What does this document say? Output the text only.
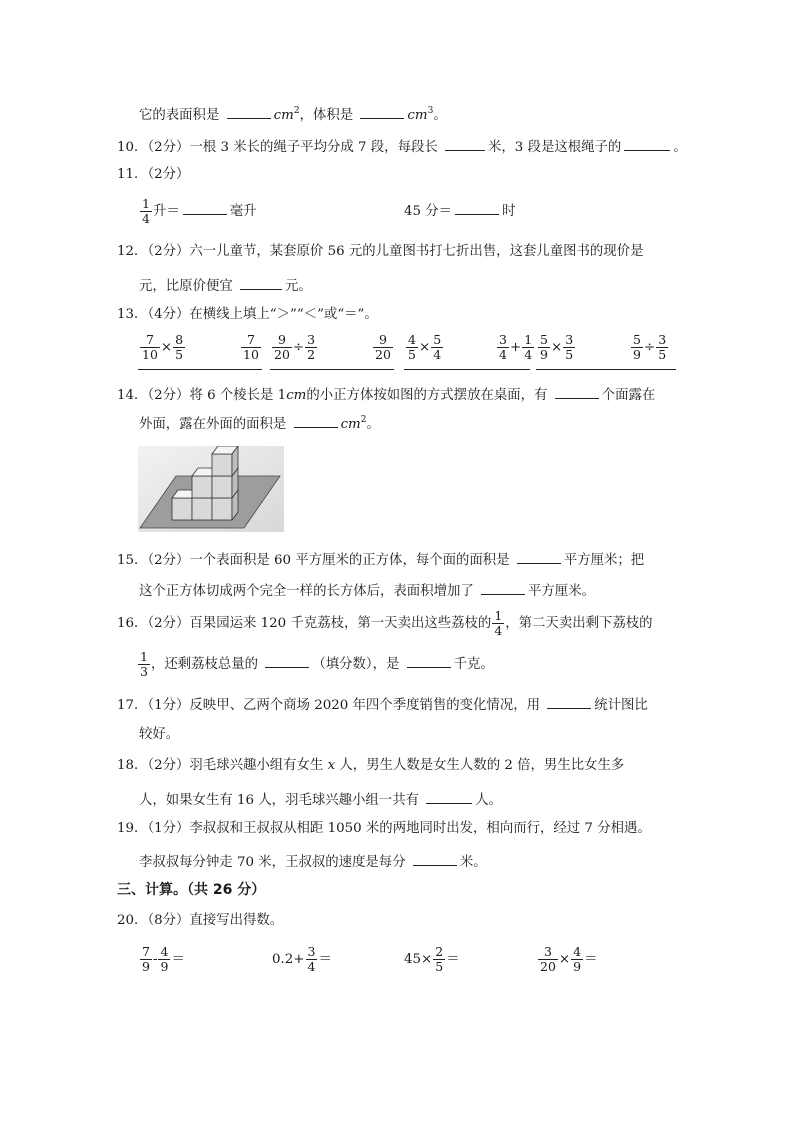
它的表面积是	$cm^2$，体积是	$cm^3$。
10．（2分）一根 3 米长的绳子平均分成 7 段，每段长	米，3 段是这根绳子的	。
11．（2分）
$\frac{1}{4}$ 升＝	毫升	45 分＝	时
12．（2分）六一儿童节，某套原价 56 元的儿童图书打七折出售，这套儿童图书的现价是
元，比原价便宜	元。
13．（4分）在横线上填上“＞”“＜”或“＝”。
$\frac{7}{10} \times \frac{8}{5}$	$\frac{7}{10} \frac{9}{20} \div \frac{3}{2}$	$\frac{9}{20} \frac{4}{5} \times \frac{5}{4}$	$\frac{3}{4} + \frac{1}{4} \frac{5}{9} \times \frac{3}{5}$	$\frac{5}{9} \div \frac{3}{5}$
14．（2分）将 6 个棱长是 1cm的小正方体按如图的方式摆放在桌面，有	个面露在
外面，露在外面的面积是	$cm^2$。
15．（2分）一个表面积是 60 平方厘米的正方体，每个面的面积是	平方厘米；把
这个正方体切成两个完全一样的长方体后，表面积增加了	平方厘米。
16．（2分）百果园运来 120 千克荔枝，第一天卖出这些荔枝的 $\frac{1}{4}$ ，第二天卖出剩下荔枝的
$\frac{1}{3}$ ，还剩荔枝总量的	（填分数），是	千克。
17．（1分）反映甲、乙两个商场 2020 年四个季度销售的变化情况，用	统计图比
较好。
18．（2分）羽毛球兴趣小组有女生 x 人，男生人数是女生人数的 2 倍，男生比女生多
人，如果女生有 16 人，羽毛球兴趣小组一共有	人。
19．（1分）李叔叔和王叔叔从相距 1050 米的两地同时出发，相向而行，经过 7 分相遇。
李叔叔每分钟走 70 米，王叔叔的速度是每分	米。
三、计算。（共 26 分）
20．（8分）直接写出得数。
$\frac{7}{9} - \frac{4}{9}$ ＝	$0.2+ \frac{3}{4}$ ＝	$45\times \frac{2}{5}$ ＝	$\frac{3}{20} \times \frac{4}{9}$ ＝
